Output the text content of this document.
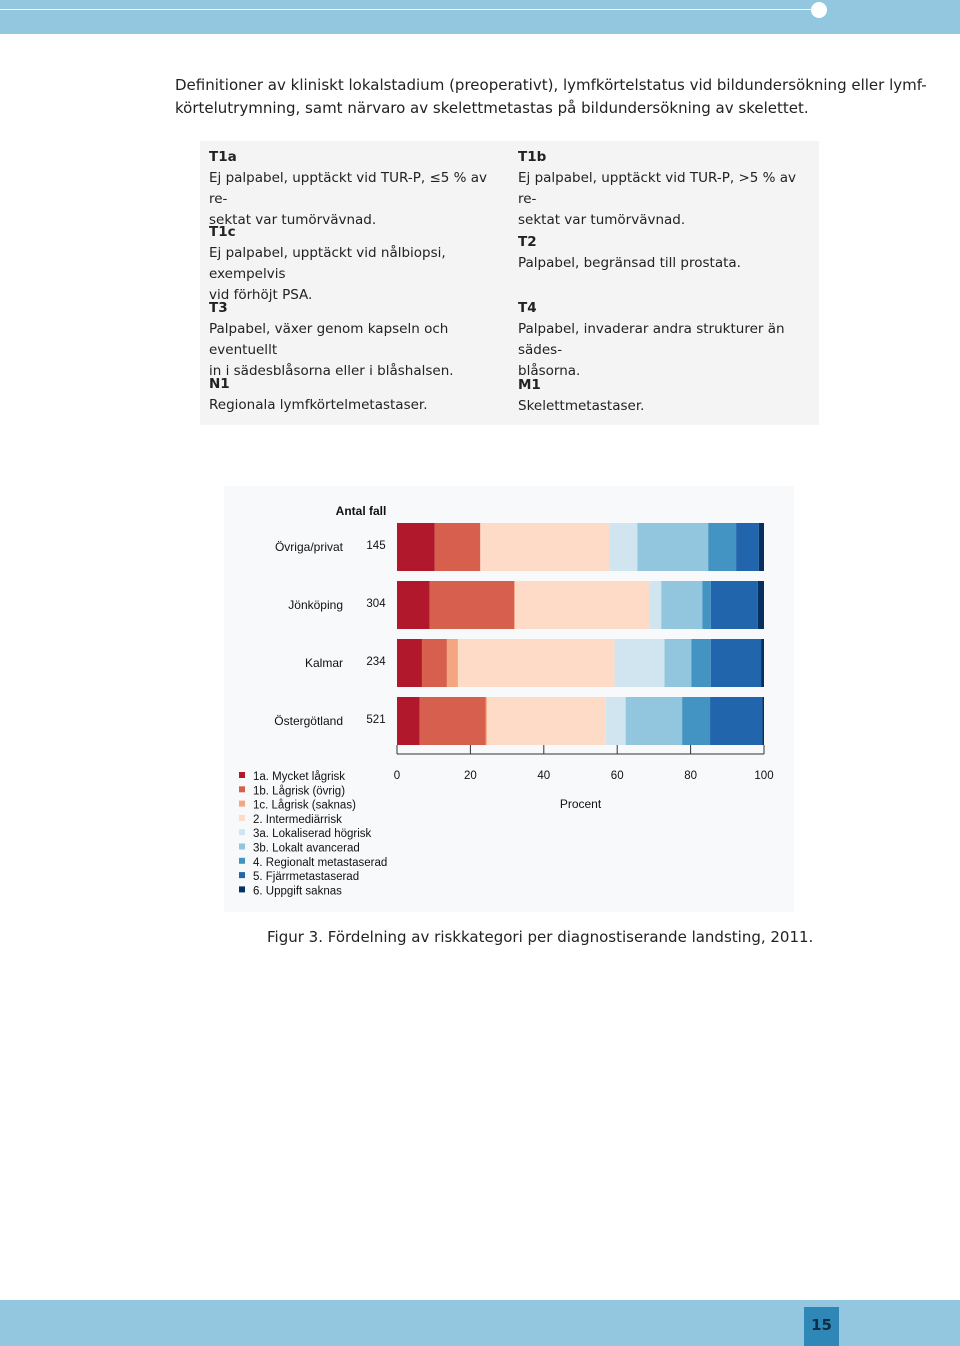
Definitioner av kliniskt lokalstadium (preoperativt), lymfkörtelstatus vid bildundersökning eller lymf-
körtelutrymning, samt närvaro av skelettmetastas på bildundersökning av skelettet.
T1a
Ej palpabel, upptäckt vid TUR-P, ≤5 % av re-
sektat var tumörvävnad.
T1b
Ej palpabel, upptäckt vid TUR-P, >5 % av re-
sektat var tumörvävnad.
T1c
Ej palpabel, upptäckt vid nålbiopsi, exempelvis
vid förhöjt PSA.
T2
Palpabel, begränsad till prostata.
T3
Palpabel, växer genom kapseln och eventuellt
in i sädesblåsorna eller i blåshalsen.
T4
Palpabel, invaderar andra strukturer än sädes-
blåsorna.
N1
Regionala lymfkörtelmetastaser.
M1
Skelettmetastaser.
Antal fall
Övriga/privat 145
Jönköping 304
Kalmar 234
Östergötland 521
0	20	40	60	80	100
Procent
1a. Mycket lågrisk
1b. Lågrisk (övrig)
1c. Lågrisk (saknas)
2. Intermediärrisk
3a. Lokaliserad högrisk
3b. Lokalt avancerad
4. Regionalt metastaserad
5. Fjärrmetastaserad
6. Uppgift saknas
Figur 3. Fördelning av riskkategori per diagnostiserande landsting, 2011.
15
